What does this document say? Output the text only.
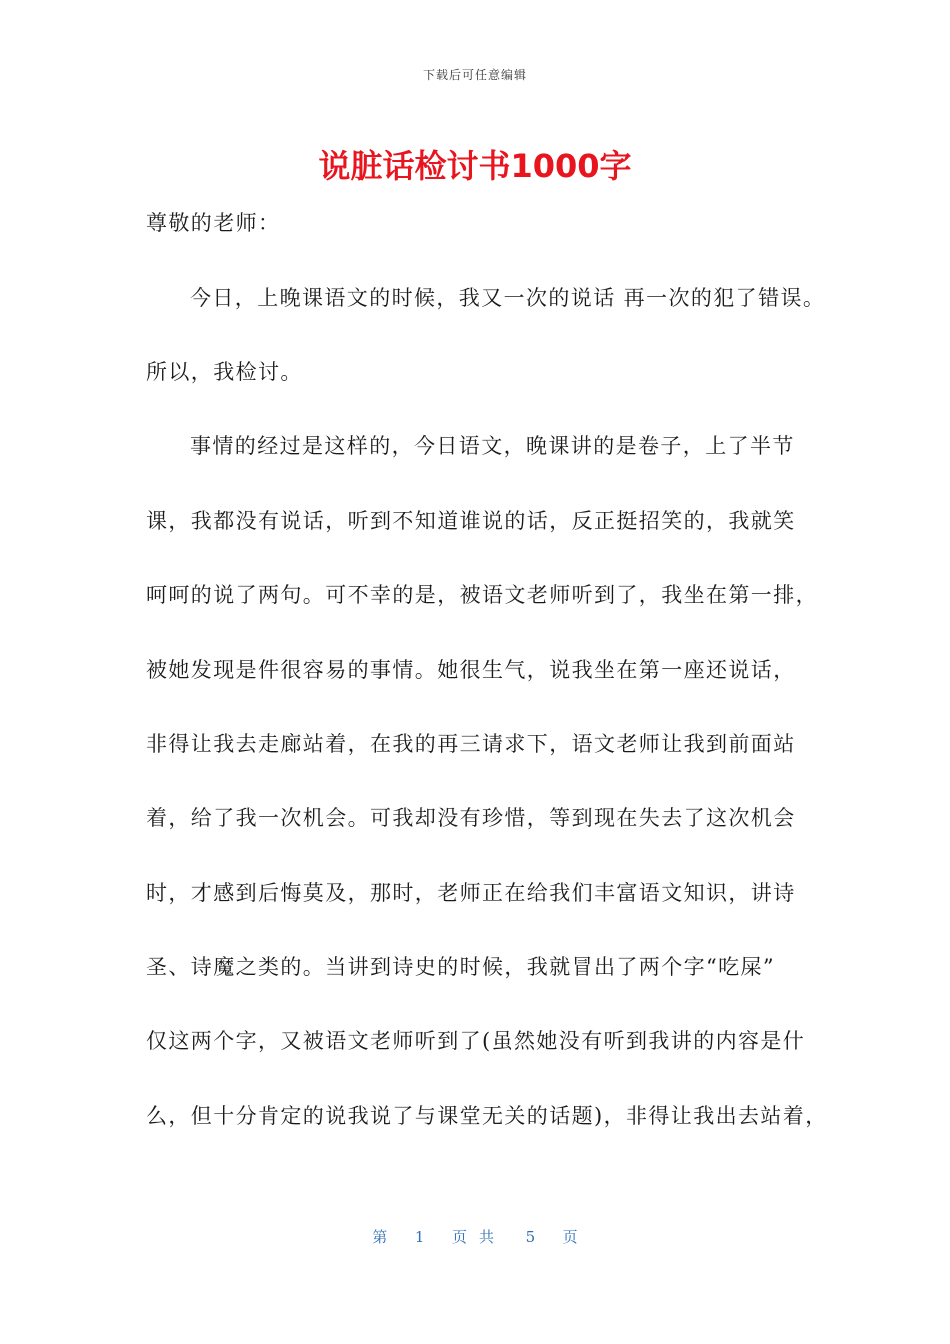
下载后可任意编辑
说脏话检讨书1000字
尊敬的老师：
今日，上晚课语文的时候，我又一次的说话 再一次的犯了错误。
所以，我检讨。
事情的经过是这样的，今日语文，晚课讲的是卷子，上了半节
课，我都没有说话，听到不知道谁说的话，反正挺招笑的，我就笑
呵呵的说了两句。可不幸的是，被语文老师听到了，我坐在第一排，
被她发现是件很容易的事情。她很生气，说我坐在第一座还说话，
非得让我去走廊站着，在我的再三请求下，语文老师让我到前面站
着，给了我一次机会。可我却没有珍惜，等到现在失去了这次机会
时，才感到后悔莫及，那时，老师正在给我们丰富语文知识，讲诗
圣、诗魔之类的。当讲到诗史的时候，我就冒出了两个字“吃屎”
仅这两个字，又被语文老师听到了(虽然她没有听到我讲的内容是什
么，但十分肯定的说我说了与课堂无关的话题)，非得让我出去站着，
第 1 页共 5 页
